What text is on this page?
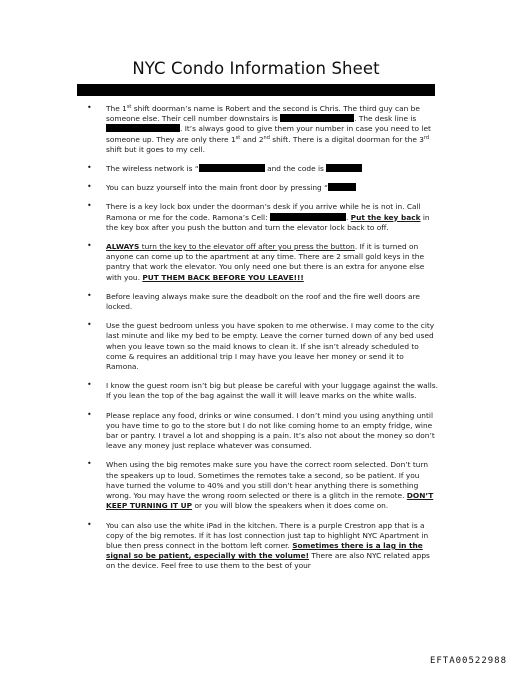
NYC Condo Information Sheet
• The 1st shift doorman’s name is Robert and the second is Chris. The third guy can be someone else. Their cell number downstairs is	. The desk line is . It’s always good to give them your number in case you need to let someone up. They are only there 1st and 2nd shift. There is a digital doorman for the 3rd shift but it goes to my cell.
• The wireless network is “	and the code is
• You can buzz yourself into the main front door by pressing “
• There is a key lock box under the doorman’s desk if you arrive while he is not in. Call Ramona or me for the code. Ramona’s Cell:	. Put the key back in the key box after you push the button and turn the elevator lock back to off.
• ALWAYS turn the key to the elevator off after you press the button. If it is turned on anyone can come up to the apartment at any time. There are 2 small gold keys in the pantry that work the elevator. You only need one but there is an extra for anyone else with you. PUT THEM BACK BEFORE YOU LEAVE!!!
• Before leaving always make sure the deadbolt on the roof and the fire well doors are locked.
• Use the guest bedroom unless you have spoken to me otherwise. I may come to the city last minute and like my bed to be empty. Leave the corner turned down of any bed used when you leave town so the maid knows to clean it. If she isn’t already scheduled to come & requires an additional trip I may have you leave her money or send it to Ramona.
• I know the guest room isn’t big but please be careful with your luggage against the walls. If you lean the top of the bag against the wall it will leave marks on the white walls.
• Please replace any food, drinks or wine consumed. I don’t mind you using anything until you have time to go to the store but I do not like coming home to an empty fridge, wine bar or pantry. I travel a lot and shopping is a pain. It’s also not about the money so don’t leave any money just replace whatever was consumed.
• When using the big remotes make sure you have the correct room selected. Don’t turn the speakers up to loud. Sometimes the remotes take a second, so be patient. If you have turned the volume to 40% and you still don’t hear anything there is something wrong. You may have the wrong room selected or there is a glitch in the remote. DON’T KEEP TURNING IT UP or you will blow the speakers when it does come on.
• You can also use the white iPad in the kitchen. There is a purple Crestron app that is a copy of the big remotes. If it has lost connection just tap to highlight NYC Apartment in blue then press connect in the bottom left corner. Sometimes there is a lag in the signal so be patient, especially with the volume! There are also NYC related apps on the device. Feel free to use them to the best of your
EFTA00522988
